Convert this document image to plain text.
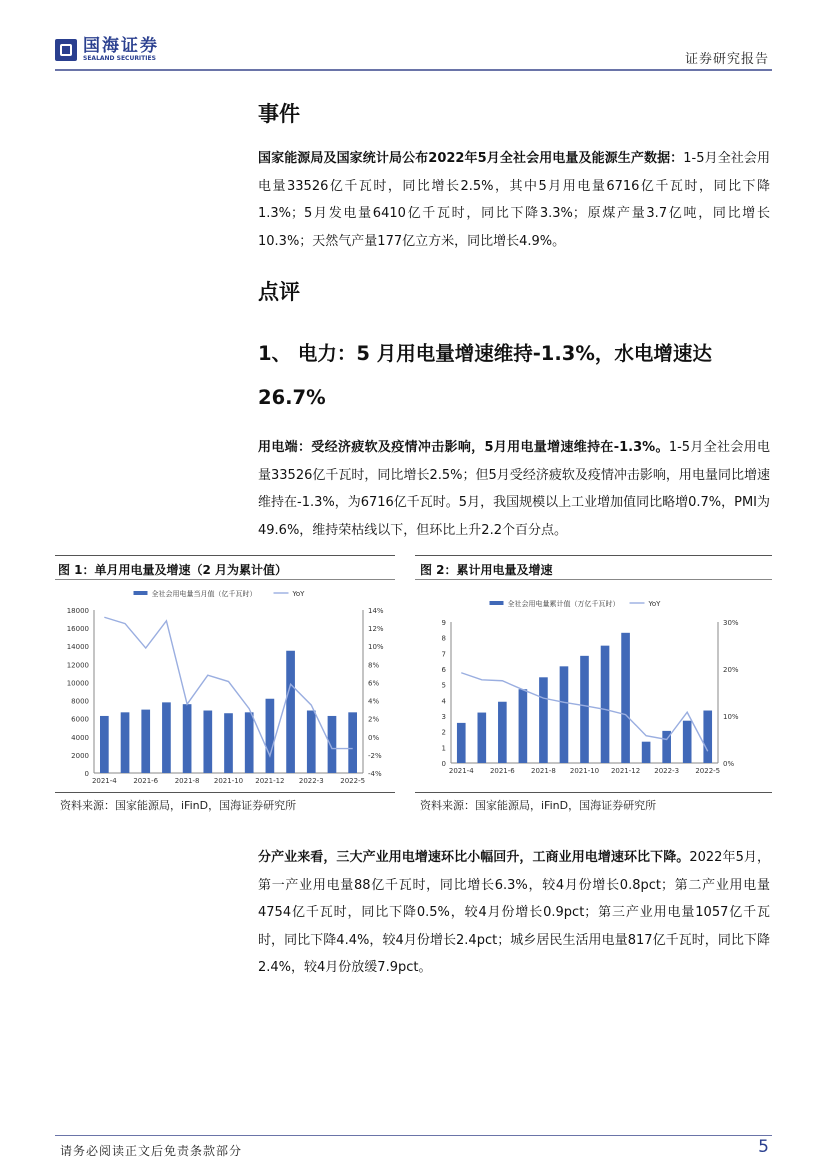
国海证券
SEALAND SECURITIES	证券研究报告
事件
国家能源局及国家统计局公布2022年5月全社会用电量及能源生产数据：1-5月全社会用电量33526亿千瓦时，同比增长2.5%，其中5月用电量6716亿千瓦时，同比下降1.3%；5月发电量6410亿千瓦时，同比下降3.3%；原煤产量3.7亿吨，同比增长10.3%；天然气产量177亿立方米，同比增长4.9%。
点评
1、 电力：5 月用电量增速维持-1.3%，水电增速达26.7%
用电端：受经济疲软及疫情冲击影响，5月用电量增速维持在-1.3%。1-5月全社会用电量33526亿千瓦时，同比增长2.5%；但5月受经济疲软及疫情冲击影响，用电量同比增速维持在-1.3%，为6716亿千瓦时。5月，我国规模以上工业增加值同比略增0.7%，PMI为49.6%，维持荣枯线以下，但环比上升2.2个百分点。
图 1：单月用电量及增速（2 月为累计值）	图 2：累计用电量及增速
0
2000
4000
6000
8000
10000
12000
14000
16000
18000
-4%
-2%
0%
2%
4%
6%
8%
10%
12%
14%
2021-4 2021-6 2021-8 2021-10 2021-12 2022-3 2022-5
全社会用电量当月值（亿千瓦时）	YoY
0
1
2
3
4
5
6
7
8
9
0%
10%
20%
30%
2021-4 2021-6 2021-8 2021-10 2021-12 2022-3 2022-5
全社会用电量累计值（万亿千瓦时）	YoY
资料来源：国家能源局，iFinD，国海证券研究所	资料来源：国家能源局，iFinD，国海证券研究所
分产业来看，三大产业用电增速环比小幅回升，工商业用电增速环比下降。2022年5月，第一产业用电量88亿千瓦时，同比增长6.3%，较4月份增长0.8pct；第二产业用电量4754亿千瓦时，同比下降0.5%，较4月份增长0.9pct；第三产业用电量1057亿千瓦时，同比下降4.4%，较4月份增长2.4pct；城乡居民生活用电量817亿千瓦时，同比下降2.4%，较4月份放缓7.9pct。
请务必阅读正文后免责条款部分	5
